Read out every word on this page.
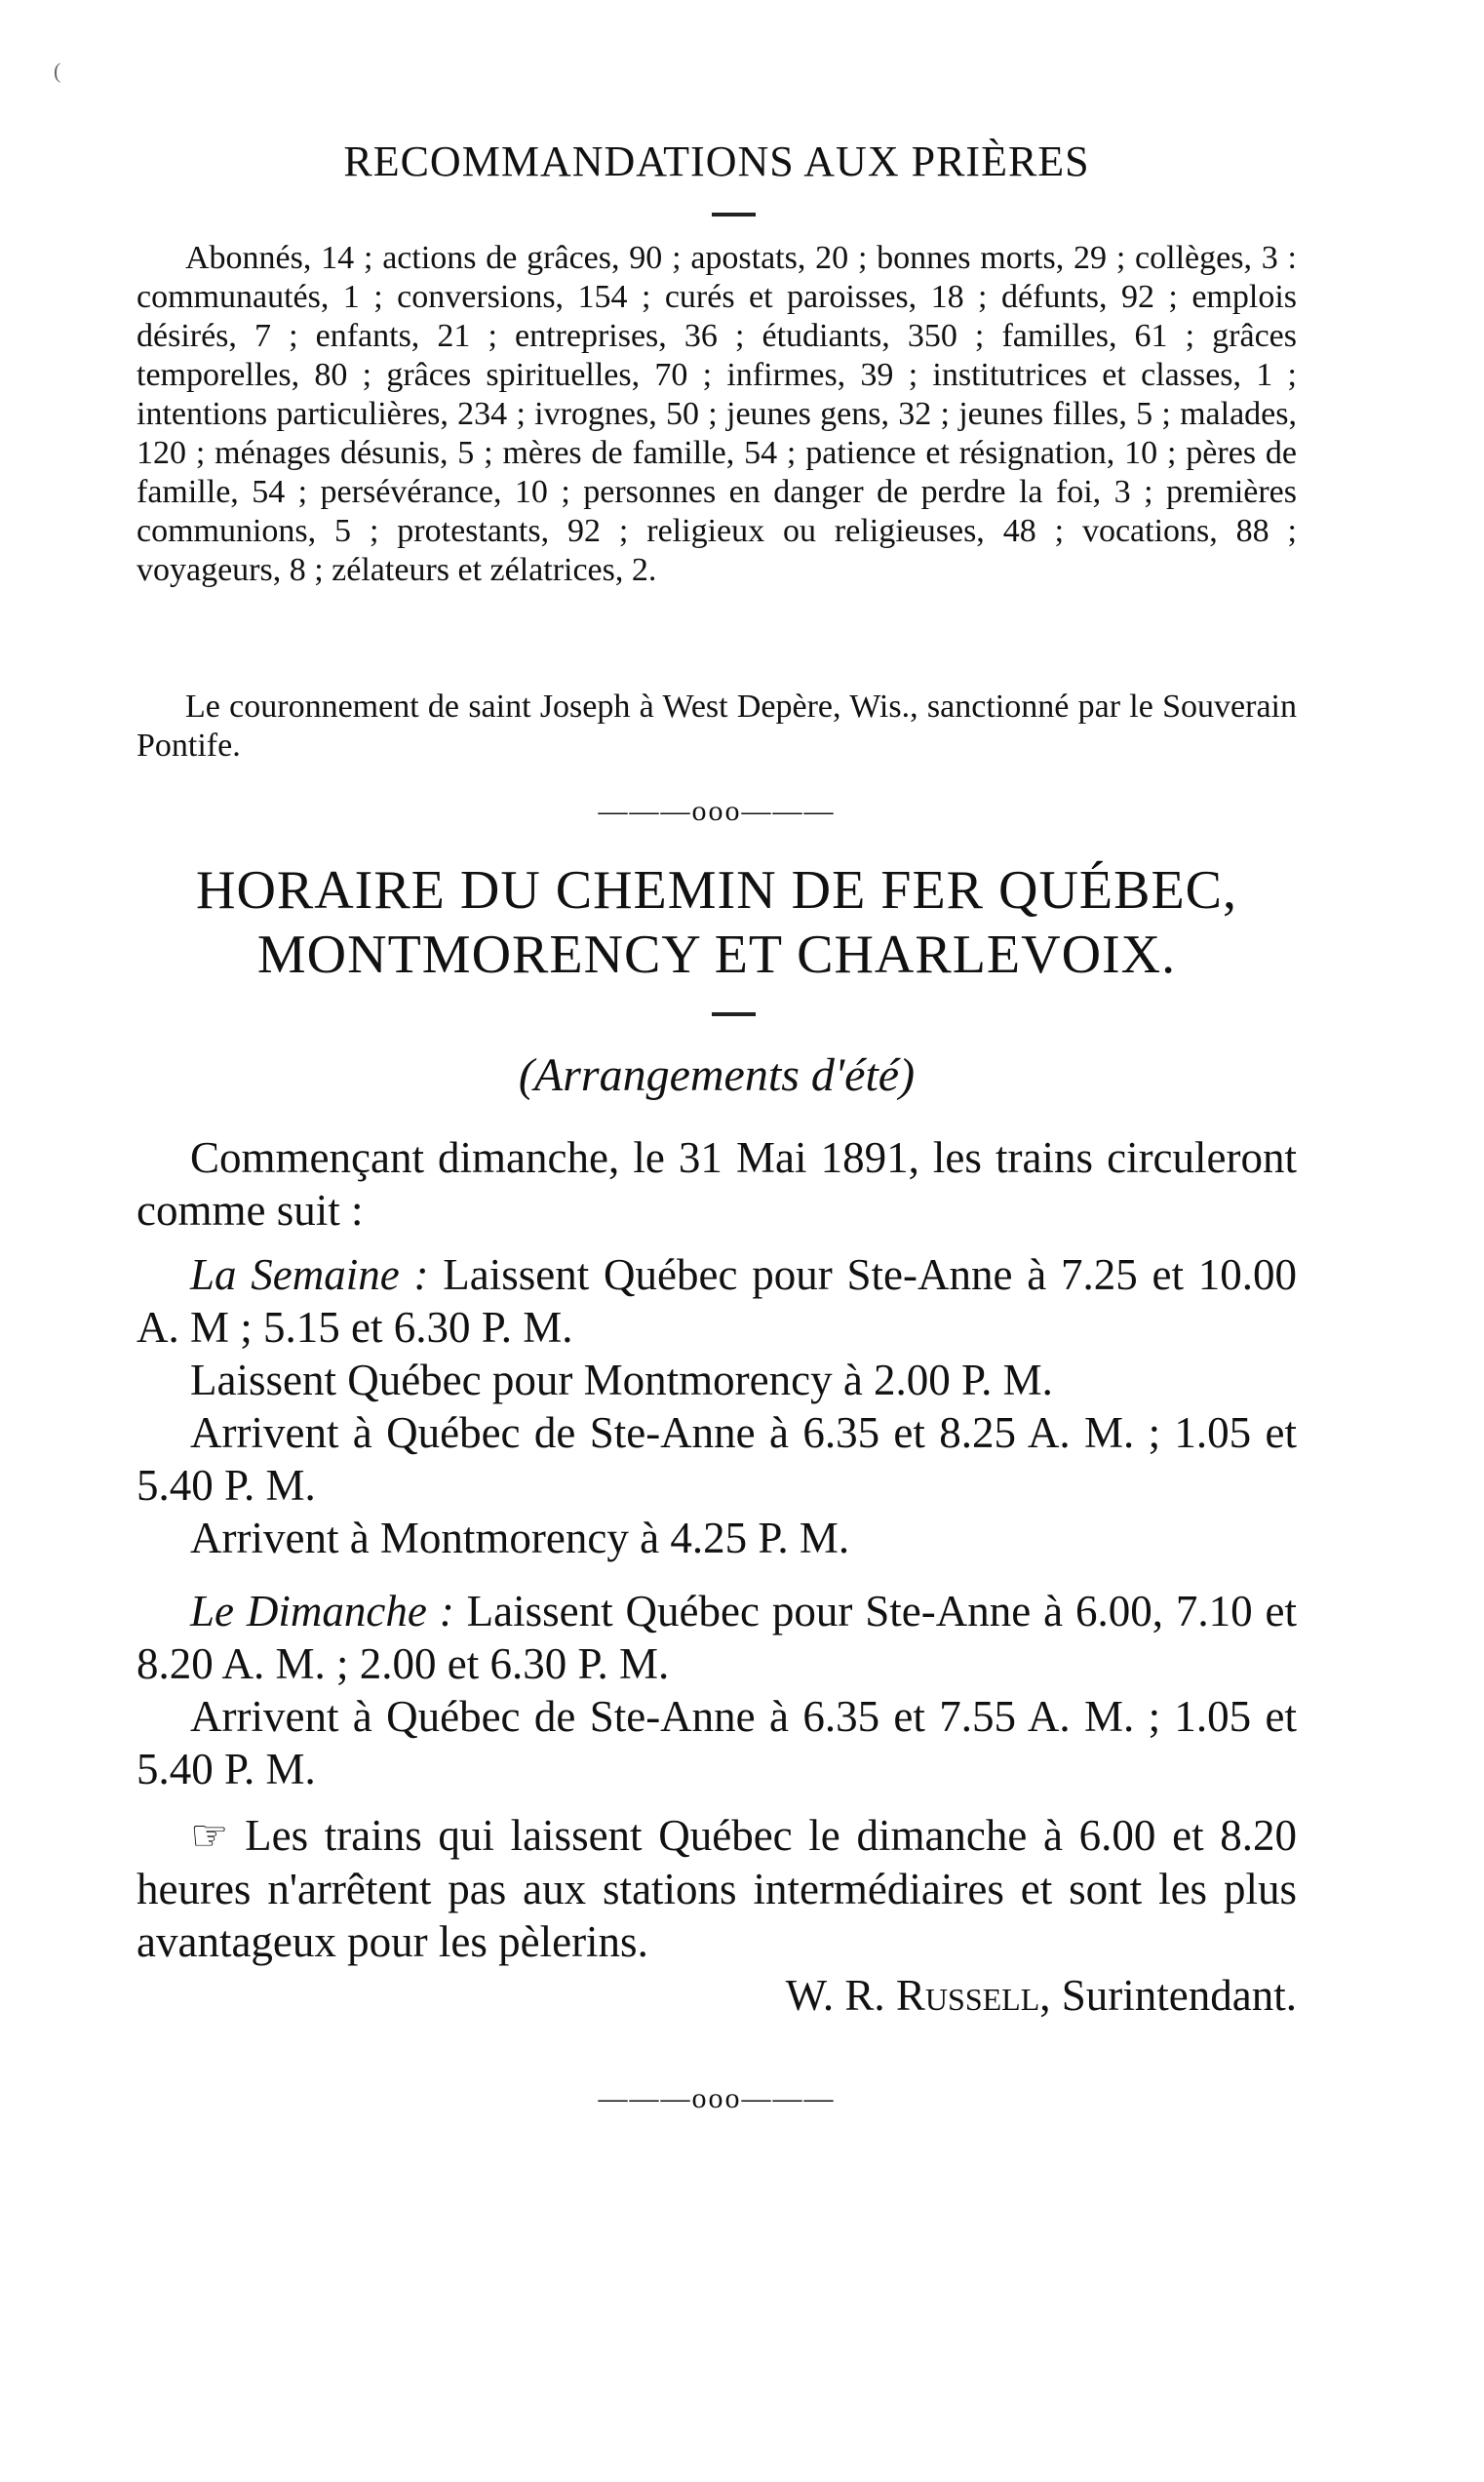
(
RECOMMANDATIONS AUX PRIÈRES

Abonnés, 14 ; actions de grâces, 90 ; apostats, 20 ; bonnes morts, 29 ; collèges, 3 : communautés, 1 ; conversions, 154 ; curés et paroisses, 18 ; défunts, 92 ; emplois désirés, 7 ; enfants, 21 ; entreprises, 36 ; étudiants, 350 ; familles, 61 ; grâces temporelles, 80 ; grâces spirituelles, 70 ; infirmes, 39 ; institutrices et classes, 1 ; intentions particulières, 234 ; ivrognes, 50 ; jeunes gens, 32 ; jeunes filles, 5 ; malades, 120 ; ménages désunis, 5 ; mères de famille, 54 ; patience et résignation, 10 ; pères de famille, 54 ; persévérance, 10 ; personnes en danger de perdre la foi, 3 ; premières communions, 5 ; protestants, 92 ; religieux ou religieuses, 48 ; vocations, 88 ; voyageurs, 8 ; zélateurs et zélatrices, 2.

Le couronnement de saint Joseph à West Depère, Wis., sanctionné par le Souverain Pontife.

———ooo———
HORAIRE DU CHEMIN DE FER QUÉBEC,
MONTMORENCY ET CHARLEVOIX.
(Arrangements d'été)

Commençant dimanche, le 31 Mai 1891, les trains circuleront comme suit :

La Semaine : Laissent Québec pour Ste-Anne à 7.25 et 10.00 A. M ; 5.15 et 6.30 P. M.

Laissent Québec pour Montmorency à 2.00 P. M.

Arrivent à Québec de Ste-Anne à 6.35 et 8.25 A. M. ; 1.05 et 5.40 P. M.

Arrivent à Montmorency à 4.25 P. M.

Le Dimanche : Laissent Québec pour Ste-Anne à 6.00, 7.10 et 8.20 A. M. ; 2.00 et 6.30 P. M.

Arrivent à Québec de Ste-Anne à 6.35 et 7.55 A. M. ; 1.05 et 5.40 P. M.

☞ Les trains qui laissent Québec le dimanche à 6.00 et 8.20 heures n'arrêtent pas aux stations intermédiaires et sont les plus avantageux pour les pèlerins.

W. R. Russell, Surintendant.
———ooo———
